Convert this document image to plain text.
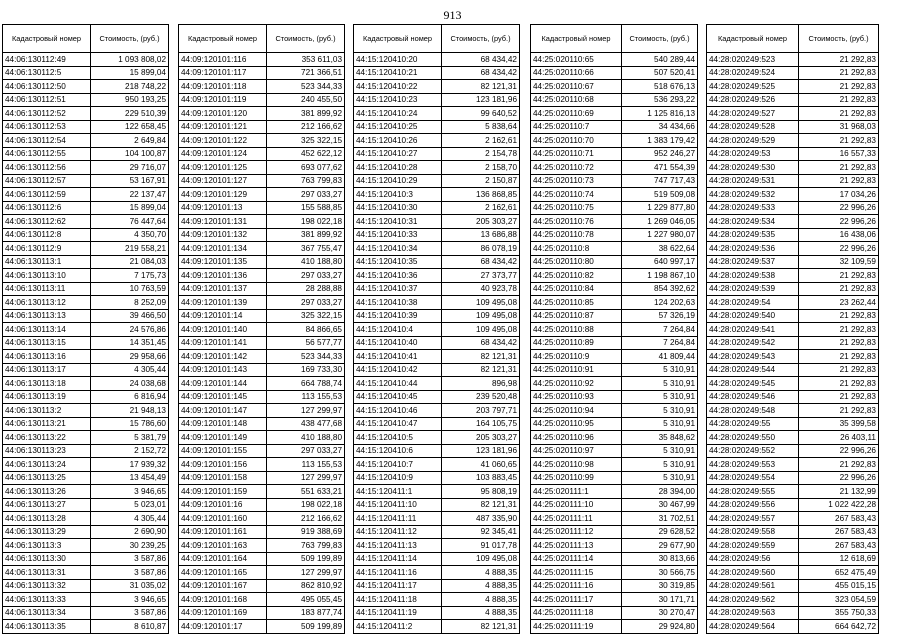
913
Кадастровый номер	Стоимость, (руб.)
44:06:130112:49	1 093 808,02
44:06:130112:5	15 899,04
44:06:130112:50	218 748,22
44:06:130112:51	950 193,25
44:06:130112:52	229 510,39
44:06:130112:53	122 658,45
44:06:130112:54	2 649,84
44:06:130112:55	104 100,87
44:06:130112:56	29 716,07
44:06:130112:57	53 167,91
44:06:130112:59	22 137,47
44:06:130112:6	15 899,04
44:06:130112:62	76 447,64
44:06:130112:8	4 350,70
44:06:130112:9	219 558,21
44:06:130113:1	21 084,03
44:06:130113:10	7 175,73
44:06:130113:11	10 763,59
44:06:130113:12	8 252,09
44:06:130113:13	39 466,50
44:06:130113:14	24 576,86
44:06:130113:15	14 351,45
44:06:130113:16	29 958,66
44:06:130113:17	4 305,44
44:06:130113:18	24 038,68
44:06:130113:19	6 816,94
44:06:130113:2	21 948,13
44:06:130113:21	15 786,60
44:06:130113:22	5 381,79
44:06:130113:23	2 152,72
44:06:130113:24	17 939,32
44:06:130113:25	13 454,49
44:06:130113:26	3 946,65
44:06:130113:27	5 023,01
44:06:130113:28	4 305,44
44:06:130113:29	2 690,90
44:06:130113:3	30 239,25
44:06:130113:30	3 587,86
44:06:130113:31	3 587,86
44:06:130113:32	31 035,02
44:06:130113:33	3 946,65
44:06:130113:34	3 587,86
44:06:130113:35	8 610,87
Кадастровый номер	Стоимость, (руб.)
44:09:120101:116	353 611,03
44:09:120101:117	721 366,51
44:09:120101:118	523 344,33
44:09:120101:119	240 455,50
44:09:120101:120	381 899,92
44:09:120101:121	212 166,62
44:09:120101:122	325 322,15
44:09:120101:124	452 622,12
44:09:120101:125	693 077,62
44:09:120101:127	763 799,83
44:09:120101:129	297 033,27
44:09:120101:13	155 588,85
44:09:120101:131	198 022,18
44:09:120101:132	381 899,92
44:09:120101:134	367 755,47
44:09:120101:135	410 188,80
44:09:120101:136	297 033,27
44:09:120101:137	28 288,88
44:09:120101:139	297 033,27
44:09:120101:14	325 322,15
44:09:120101:140	84 866,65
44:09:120101:141	56 577,77
44:09:120101:142	523 344,33
44:09:120101:143	169 733,30
44:09:120101:144	664 788,74
44:09:120101:145	113 155,53
44:09:120101:147	127 299,97
44:09:120101:148	438 477,68
44:09:120101:149	410 188,80
44:09:120101:155	297 033,27
44:09:120101:156	113 155,53
44:09:120101:158	127 299,97
44:09:120101:159	551 633,21
44:09:120101:16	198 022,18
44:09:120101:160	212 166,62
44:09:120101:161	919 388,69
44:09:120101:163	763 799,83
44:09:120101:164	509 199,89
44:09:120101:165	127 299,97
44:09:120101:167	862 810,92
44:09:120101:168	495 055,45
44:09:120101:169	183 877,74
44:09:120101:17	509 199,89
Кадастровый номер	Стоимость, (руб.)
44:15:120410:20	68 434,42
44:15:120410:21	68 434,42
44:15:120410:22	82 121,31
44:15:120410:23	123 181,96
44:15:120410:24	99 640,52
44:15:120410:25	5 838,64
44:15:120410:26	2 162,61
44:15:120410:27	2 154,78
44:15:120410:28	2 158,70
44:15:120410:29	2 150,87
44:15:120410:3	136 868,85
44:15:120410:30	2 162,61
44:15:120410:31	205 303,27
44:15:120410:33	13 686,88
44:15:120410:34	86 078,19
44:15:120410:35	68 434,42
44:15:120410:36	27 373,77
44:15:120410:37	40 923,78
44:15:120410:38	109 495,08
44:15:120410:39	109 495,08
44:15:120410:4	109 495,08
44:15:120410:40	68 434,42
44:15:120410:41	82 121,31
44:15:120410:42	82 121,31
44:15:120410:44	896,98
44:15:120410:45	239 520,48
44:15:120410:46	203 797,71
44:15:120410:47	164 105,75
44:15:120410:5	205 303,27
44:15:120410:6	123 181,96
44:15:120410:7	41 060,65
44:15:120410:9	103 883,45
44:15:120411:1	95 808,19
44:15:120411:10	82 121,31
44:15:120411:11	487 335,90
44:15:120411:12	92 345,41
44:15:120411:13	91 017,78
44:15:120411:14	109 495,08
44:15:120411:16	4 888,35
44:15:120411:17	4 888,35
44:15:120411:18	4 888,35
44:15:120411:19	4 888,35
44:15:120411:2	82 121,31
Кадастровый номер	Стоимость, (руб.)
44:25:020110:65	540 289,44
44:25:020110:66	507 520,41
44:25:020110:67	518 676,13
44:25:020110:68	536 293,22
44:25:020110:69	1 125 816,13
44:25:020110:7	34 434,66
44:25:020110:70	1 383 179,42
44:25:020110:71	952 246,27
44:25:020110:72	471 554,39
44:25:020110:73	747 717,43
44:25:020110:74	519 509,08
44:25:020110:75	1 229 877,80
44:25:020110:76	1 269 046,05
44:25:020110:78	1 227 980,07
44:25:020110:8	38 622,64
44:25:020110:80	640 997,17
44:25:020110:82	1 198 867,10
44:25:020110:84	854 392,62
44:25:020110:85	124 202,63
44:25:020110:87	57 326,19
44:25:020110:88	7 264,84
44:25:020110:89	7 264,84
44:25:020110:9	41 809,44
44:25:020110:91	5 310,91
44:25:020110:92	5 310,91
44:25:020110:93	5 310,91
44:25:020110:94	5 310,91
44:25:020110:95	5 310,91
44:25:020110:96	35 848,62
44:25:020110:97	5 310,91
44:25:020110:98	5 310,91
44:25:020110:99	5 310,91
44:25:020111:1	28 394,00
44:25:020111:10	30 467,99
44:25:020111:11	31 702,51
44:25:020111:12	29 628,52
44:25:020111:13	29 677,90
44:25:020111:14	30 813,66
44:25:020111:15	30 566,75
44:25:020111:16	30 319,85
44:25:020111:17	30 171,71
44:25:020111:18	30 270,47
44:25:020111:19	29 924,80
Кадастровый номер	Стоимость, (руб.)
44:28:020249:523	21 292,83
44:28:020249:524	21 292,83
44:28:020249:525	21 292,83
44:28:020249:526	21 292,83
44:28:020249:527	21 292,83
44:28:020249:528	31 968,03
44:28:020249:529	21 292,83
44:28:020249:53	16 557,33
44:28:020249:530	21 292,83
44:28:020249:531	21 292,83
44:28:020249:532	17 034,26
44:28:020249:533	22 996,26
44:28:020249:534	22 996,26
44:28:020249:535	16 438,06
44:28:020249:536	22 996,26
44:28:020249:537	32 109,59
44:28:020249:538	21 292,83
44:28:020249:539	21 292,83
44:28:020249:54	23 262,44
44:28:020249:540	21 292,83
44:28:020249:541	21 292,83
44:28:020249:542	21 292,83
44:28:020249:543	21 292,83
44:28:020249:544	21 292,83
44:28:020249:545	21 292,83
44:28:020249:546	21 292,83
44:28:020249:548	21 292,83
44:28:020249:55	35 399,58
44:28:020249:550	26 403,11
44:28:020249:552	22 996,26
44:28:020249:553	21 292,83
44:28:020249:554	22 996,26
44:28:020249:555	21 132,99
44:28:020249:556	1 022 422,28
44:28:020249:557	267 583,43
44:28:020249:558	267 583,43
44:28:020249:559	267 583,43
44:28:020249:56	12 618,69
44:28:020249:560	652 475,49
44:28:020249:561	455 015,15
44:28:020249:562	323 054,59
44:28:020249:563	355 750,33
44:28:020249:564	664 642,72
